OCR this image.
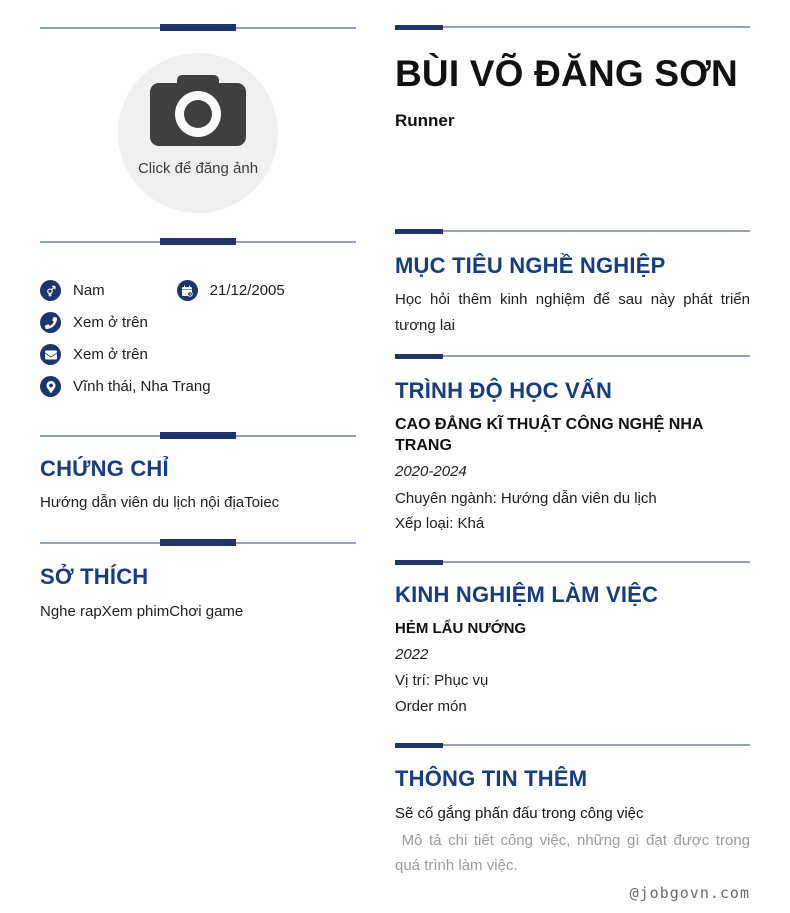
Click để đăng ảnh
Nam	21/12/2005
Xem ở trên
Xem ở trên
Vĩnh thái, Nha Trang
CHỨNG CHỈ

Hướng dẫn viên du lịch nội địaToiec

SỞ THÍCH

Nghe rapXem phimChơi game

BÙI VÕ ĐĂNG SƠN
Runner
MỤC TIÊU NGHỀ NGHIỆP

Học hỏi thêm kinh nghiệm để sau này phát triển tương lai

TRÌNH ĐỘ HỌC VẤN
CAO ĐẲNG KĨ THUẬT CÔNG NGHỆ NHA TRANG
2020-2024
Chuyên ngành: Hướng dẫn viên du lịch
Xếp loại: Khá
KINH NGHIỆM LÀM VIỆC
HẺM LẨU NƯỚNG
2022
Vị trí: Phục vụ
Order món
THÔNG TIN THÊM
Sẽ cố gắng phấn đấu trong công việc
Mô tả chi tiết công việc, những gì đạt được trong quá trình làm việc.
@jobgovn.com
